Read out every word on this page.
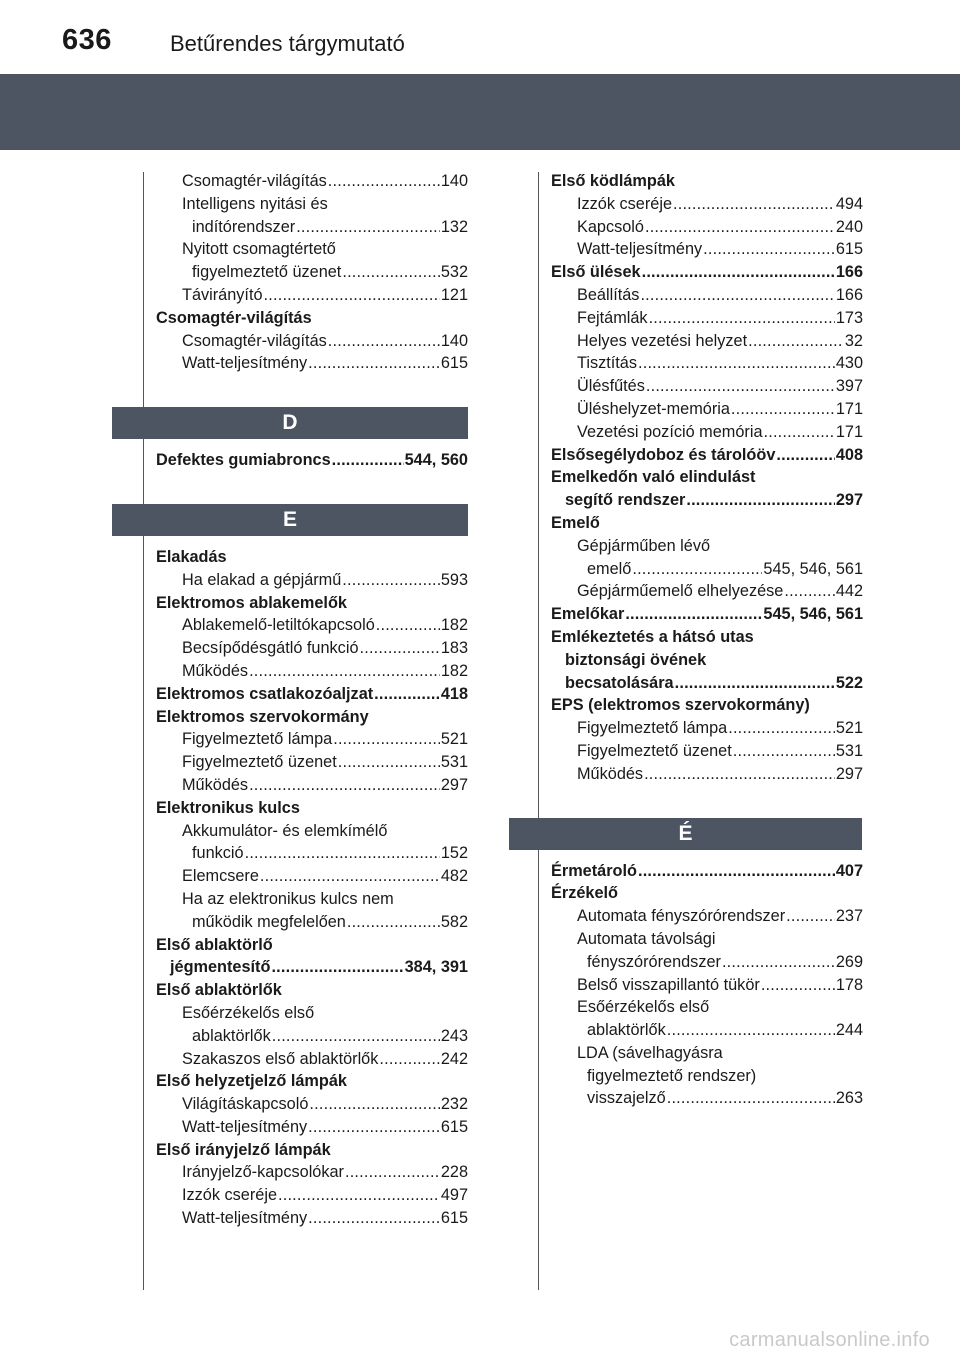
636	Betűrendes tárgymutató
Csomagtér-világítás .....	140
Intelligens nyitási és
indítórendszer .....	132
Nyitott csomagtértető
figyelmeztető üzenet .....	532
Távirányító .....	121
Csomagtér-világítás
Csomagtér-világítás .....	140
Watt-teljesítmény .....	615
D
Defektes gumiabroncs .....	544, 560
E
Elakadás
Ha elakad a gépjármű .....	593
Elektromos ablakemelők
Ablakemelő-letiltókapcsoló .....	182
Becsípődésgátló funkció .....	183
Működés .....	182
Elektromos csatlakozóaljzat .....	418
Elektromos szervokormány
Figyelmeztető lámpa .....	521
Figyelmeztető üzenet .....	531
Működés .....	297
Elektronikus kulcs
Akkumulátor- és elemkímélő
funkció .....	152
Elemcsere .....	482
Ha az elektronikus kulcs nem
működik megfelelően .....	582
Első ablaktörlő
jégmentesítő .....	384, 391
Első ablaktörlők
Esőérzékelős első
ablaktörlők .....	243
Szakaszos első ablaktörlők .....	242
Első helyzetjelző lámpák
Világításkapcsoló .....	232
Watt-teljesítmény .....	615
Első irányjelző lámpák
Irányjelző-kapcsolókar .....	228
Izzók cseréje .....	497
Watt-teljesítmény .....	615
Első ködlámpák
Izzók cseréje .....	494
Kapcsoló .....	240
Watt-teljesítmény .....	615
Első ülések .....	166
Beállítás .....	166
Fejtámlák .....	173
Helyes vezetési helyzet .....	32
Tisztítás .....	430
Ülésfűtés .....	397
Üléshelyzet-memória .....	171
Vezetési pozíció memória .....	171
Elsősegélydoboz és tárolóöv .....	408
Emelkedőn való elindulást
segítő rendszer .....	297
Emelő
Gépjárműben lévő
emelő .....	545, 546, 561
Gépjárműemelő elhelyezése .....	442
Emelőkar .....	545, 546, 561
Emlékeztetés a hátsó utas
biztonsági övének
becsatolására .....	522
EPS (elektromos szervokormány)
Figyelmeztető lámpa .....	521
Figyelmeztető üzenet .....	531
Működés .....	297
É
Érmetároló .....	407
Érzékelő
Automata fényszórórendszer .....	237
Automata távolsági
fényszórórendszer .....	269
Belső visszapillantó tükör .....	178
Esőérzékelős első
ablaktörlők .....	244
LDA (sávelhagyásra
figyelmeztető rendszer)
visszajelző .....	263
carmanualsonline.info
